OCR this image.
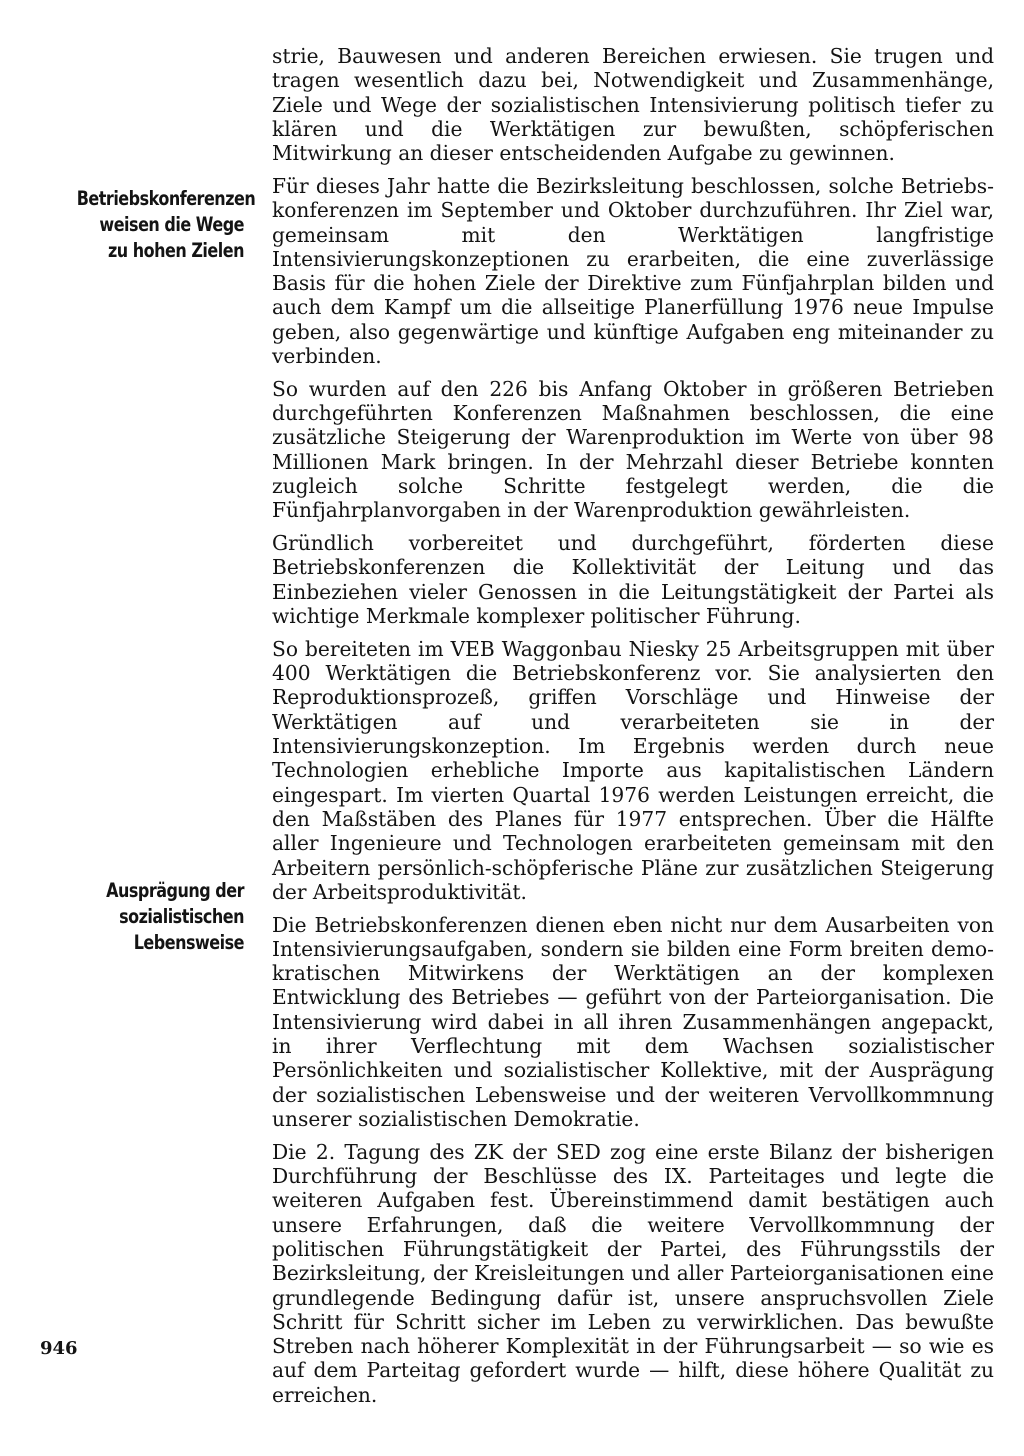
Betriebskonferenzen
weisen die Wege
zu hohen Zielen
Ausprägung der
sozialistischen
Lebensweise

strie, Bauwesen und anderen Bereichen erwiesen. Sie trugen und tragen wesentlich dazu bei, Notwendigkeit und Zusammenhänge, Ziele und Wege der sozialistischen Intensivierung politisch tiefer zu klären und die Werktätigen zur bewußten, schöpferischen Mitwirkung an dieser entscheidenden Aufgabe zu gewinnen.

Für dieses Jahr hatte die Bezirksleitung beschlossen, solche Betriebskonferenzen im September und Oktober durchzuführen. Ihr Ziel war, gemeinsam mit den Werktätigen langfristige Intensivierungskonzeptionen zu erarbeiten, die eine zuverlässige Basis für die hohen Ziele der Direktive zum Fünfjahrplan bilden und auch dem Kampf um die allseitige Planerfüllung 1976 neue Impulse geben, also gegenwärtige und künftige Aufgaben eng miteinander zu verbinden.

So wurden auf den 226 bis Anfang Oktober in größeren Betrieben durchgeführten Konferenzen Maßnahmen beschlossen, die eine zusätzliche Steigerung der Warenproduktion im Werte von über 98 Millionen Mark bringen. In der Mehrzahl dieser Betriebe konnten zugleich solche Schritte festgelegt werden, die die Fünfjahrplanvorgaben in der Warenproduktion gewährleisten.

Gründlich vorbereitet und durchgeführt, förderten diese Betriebskonferenzen die Kollektivität der Leitung und das Einbeziehen vieler Genossen in die Leitungstätigkeit der Partei als wichtige Merkmale komplexer politischer Führung.

So bereiteten im VEB Waggonbau Niesky 25 Arbeitsgruppen mit über 400 Werktätigen die Betriebskonferenz vor. Sie analysierten den Reproduktionsprozeß, griffen Vorschläge und Hinweise der Werktätigen auf und verarbeiteten sie in der Intensivierungskonzeption. Im Ergebnis werden durch neue Technologien erhebliche Importe aus kapitalistischen Ländern eingespart. Im vierten Quartal 1976 werden Leistungen erreicht, die den Maßstäben des Planes für 1977 entsprechen. Über die Hälfte aller Ingenieure und Technologen erarbeiteten gemeinsam mit den Arbeitern persönlich-schöpferische Pläne zur zusätzlichen Steigerung der Arbeitsproduktivität.

Die Betriebskonferenzen dienen eben nicht nur dem Ausarbeiten von Intensivierungsaufgaben, sondern sie bilden eine Form breiten demokratischen Mitwirkens der Werktätigen an der komplexen Entwicklung des Betriebes — geführt von der Parteiorganisation. Die Intensivierung wird dabei in all ihren Zusammenhängen angepackt, in ihrer Verflechtung mit dem Wachsen sozialistischer Persönlichkeiten und sozialistischer Kollektive, mit der Ausprägung der sozialistischen Lebensweise und der weiteren Vervollkommnung unserer sozialistischen Demokratie.

Die 2. Tagung des ZK der SED zog eine erste Bilanz der bisherigen Durchführung der Beschlüsse des IX. Parteitages und legte die weiteren Aufgaben fest. Übereinstimmend damit bestätigen auch unsere Erfahrungen, daß die weitere Vervollkommnung der politischen Führungstätigkeit der Partei, des Führungsstils der Bezirksleitung, der Kreisleitungen und aller Parteiorganisationen eine grundlegende Bedingung dafür ist, unsere anspruchsvollen Ziele Schritt für Schritt sicher im Leben zu verwirklichen. Das bewußte Streben nach höherer Komplexität in der Führungsarbeit — so wie es auf dem Parteitag gefordert wurde — hilft, diese höhere Qualität zu erreichen.

946
